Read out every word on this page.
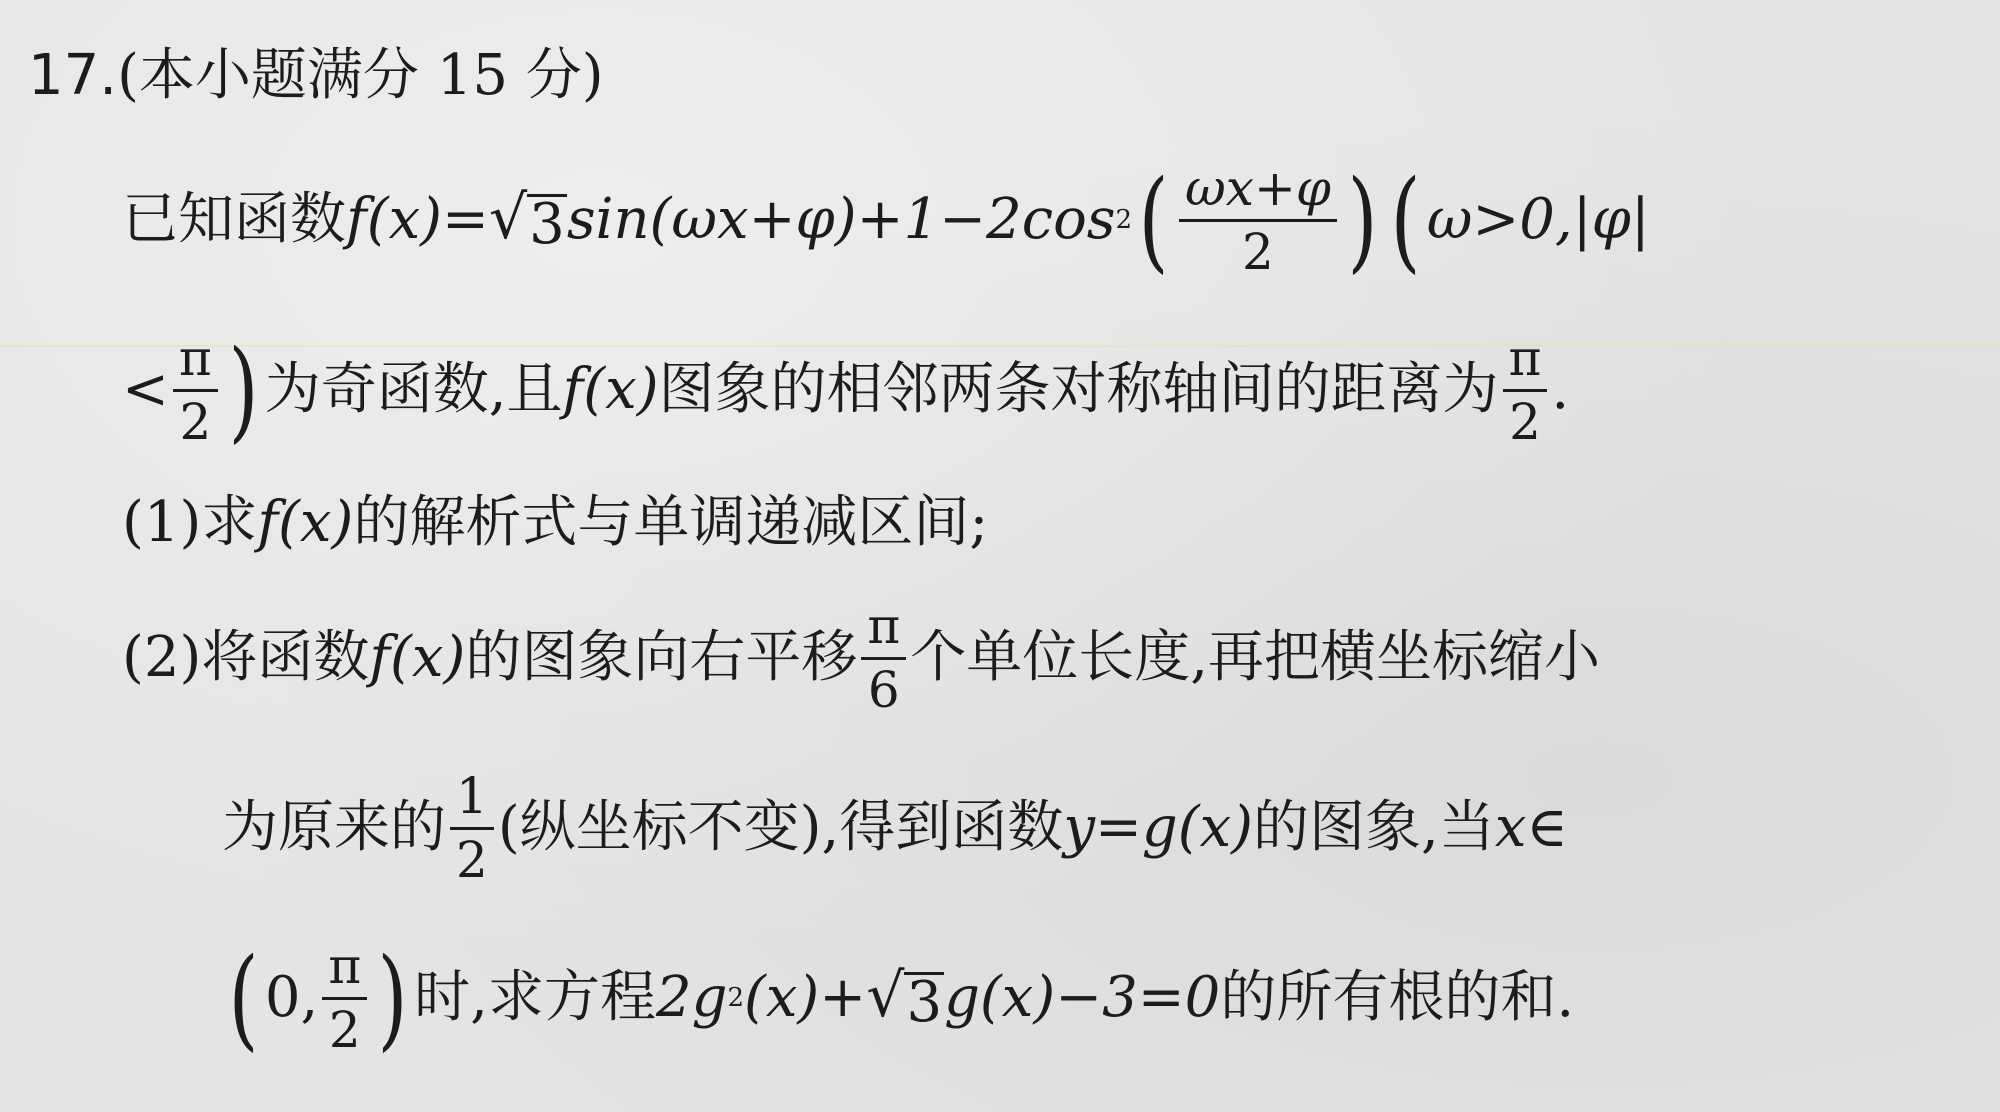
17. (本小题满分 15 分)
已知函数 f(x) = √ 3 sin(ωx+φ)+1−2cos 2 ( $\frac{\omega x+\varphi}{2}$ ) ( ω>0,|φ|
< $\frac{\pi}{2}$ ) 为奇函数,且 f(x) 图象的相邻两条对称轴间的距离为 $\frac{\pi}{2}$ .
(1)求 f(x) 的解析式与单调递减区间;
(2)将函数 f(x) 的图象向右平移 $\frac{\pi}{6}$ 个单位长度,再把横坐标缩小
为原来的 $\frac{1}{2}$ (纵坐标不变),得到函数 y=g(x) 的图象,当 x∈
( 0, $\frac{\pi}{2}$ ) 时,求方程 2g 2 (x)+ √ 3 g(x)−3=0 的所有根的和.
